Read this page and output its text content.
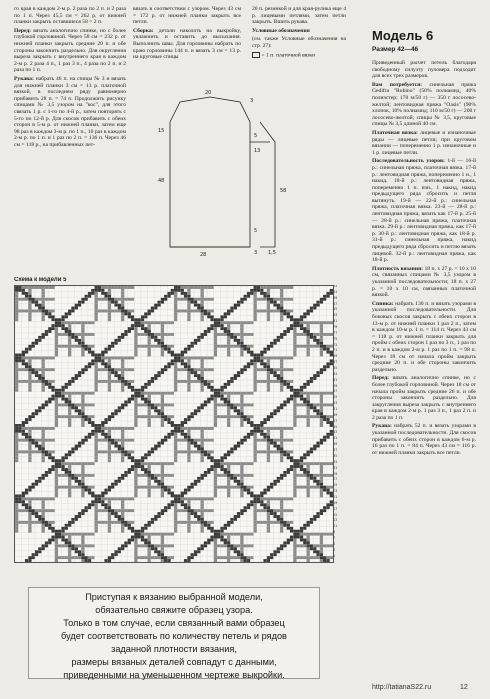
го края в каждом 2-м р. 2 раза по 2 п. и 2 раза по 1 п. Через 45,5 см = 262 р. от нижней планки закрыть оставшиеся 58 = 2 п.

Перед: вязать аналогично спинке, но с более глубокой горловиной. Через 58 см = 232 р. от нижней планки закрыть средние 20 п. и обе стороны закончить раздельно. Для округления выреза закрыть с внутреннего края в каждом 2-м р. 2 раза 4 п., 1 раз 3 п., 4 раза по 2 п. и 2 раза по 1 п.

Рукава: набрать 46 п. на спицы № 3 и вязать для нижней планки 3 см = 13 р. платочной вязкой, в последнем ряду равномерно прибавить 28 п. = 74 п. Продолжить рисунку спицами № 3,5 узором на "кос", для этого связать 1 р. с 1-го по 4-й р., затем повторять с 5-го по 12-й р. Для скосов прибавить с обеих сторон в 5-м р. от нижней планки, затем еще 98 раз в каждом 3-м р. по 1 п., 10 раз в каждом 2-м р. по 1 п. и 1 раз по 2 п. = 136 п. Через 46 см = 118 р., на прибавленных пет-

вязать в соответствии с узором. Через 43 см = 172 р. от нижней планки закрыть все петли.

Сборка: детали наколоть на выкройку, увлажнить и оставить до высыхания. Выполнить швы. Для горловины набрать по краю горловины 144 п. и вязать 3 см = 13 р. на круговые спицы

20 п. резинкой и для края-рулика еще 4 р. лицевыми петлями, затем петли закрыть. Вшить рукава.

Условные обозначения

(см. также Условные обозначения на стр. 27):

= 1 п. платочной вязки

20
3
15
48
5
58
13
5
28	3 1,5
Схема к модели 5
93
91
89
87
85
83
81
79
77
75
73
71
69
67
65
63
61
59
57
55
53
51
49
47
45
43
41
39
37
35
33
31
29
27
25
23
21
19
17
15
13
11
9
7
5
3
1
Приступая к вязанию выбранной модели,
обязательно свяжите образец узора.
Только в том случае, если связанный вами образец
будет соответствовать по количеству петель и рядов
заданной плотности вязания,
размеры вязаных деталей совпадут с данными,
приведенными на уменьшенном чертеже выкройки.
Модель 6
Размер 42—46

Приведенный расчет петель благодаря свободному силуэту пуловера подходит для всех трех размеров.

Вам потребуется: синельная пряжа Gedifra "Rubino" (50% полиамид, 40% полиэстер; 170 м/50 г) — 350 г лососево-желтой; лентовидная пряжа "Oasis" (90% хлопок, 10% полиамид; 110 м/50 г) — 200 г лососево-желтой; спицы № 3,5, круговые спицы № 3,5 длиной 40 см.

Платочная вязка: лицевые и изнаночные ряды — лицевые петли; при круговом вязании — попеременно 1 р. изнаночные и 1 р. лицевые петли.

Последовательность узоров: 1-й — 16-й р.: синельная пряжа, платочная вязка. 17-й р.: лентовидная пряжа, попеременно 1 н., 1 накид. 18-й р.: лентовидная пряжа, попеременно 1 п. изн., 1 накид, накид предыдущего ряда сбросить и петля вытянуть. 19-й — 22-й р.: синельная пряжа, платочная вязка. 23-й — 28-й р.: лентовидная пряжа, вязать как 17-й р. 25-й — 28-й р.: синельная пряжа, платочная вязка. 29-й р.: лентовидная пряжа, как 17-й р. 30-й р.: лентовидная пряжа, как 18-й р. 31-й р.: синельная пряжа, накид предыдущего ряда сбросить и петлю вязать лицевой. 32-й р.: лентовидная пряжа, как 18-й р.

Плотность вязания: 18 п. х 27 р. = 10 х 10 см, связанных спицами № 3,5 узором в указанной последовательности; 18 п. х 27 р. = 10 х 10 см, связанных платочной вязкой.

Спинка: набрать 130 п. и вязать узорами в указанной последовательности. Для боковых скосов закрыть с обеих сторон в 13-м р. от нижней планки 1 раз 2 п., затем в каждом 10-м р. 1 п. = 114 п. Через 43 см = 118 р. от нижней планки закрыть для пройм с обеих сторон 1 раз по 3 п., 1 раз по 2 п. и в каждом 2-м р. 1 раз по 1 п. = 98 п. Через 18 см от начала пройм закрыть средние 20 п. и обе стороны закончить раздельно.

Перед: вязать аналогично спинке, но с более глубокой горловиной. Через 18 см от начала пройм закрыть средние 26 п. и обе стороны закончить раздельно. Для закругления выреза закрыть с внутреннего края в каждом 2-м р. 1 раз 3 п., 1 раз 2 п. и 2 раза по 1 п.

Рукава: набрать 52 п. и вязать узорами в указанной последовательности. Для скосов прибавить с обеих сторон в каждом 6-м р. 16 раз по 1 п. = 84 п. Через 43 см = 116 р. от нижней планки закрыть все петли.

http://tatianaS22.ru	12
